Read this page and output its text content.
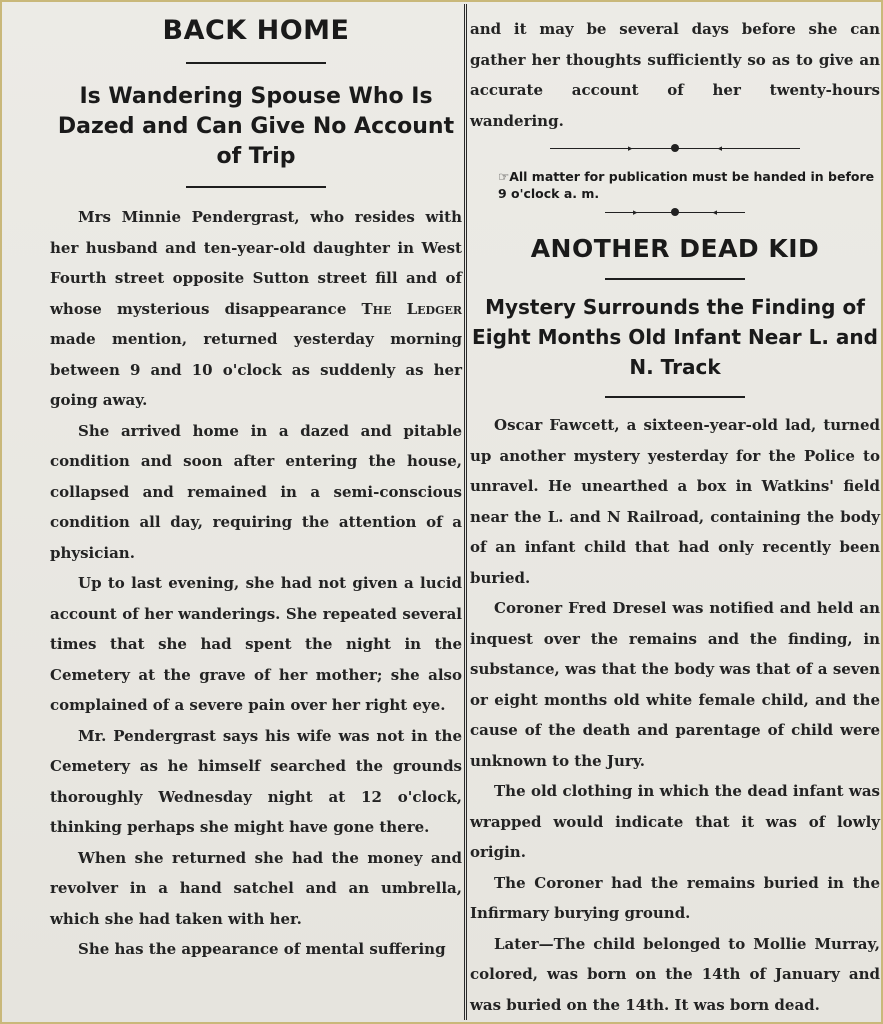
BACK HOME
Is Wandering Spouse Who Is Dazed and Can Give No Account of Trip

Mrs Minnie Pendergrast, who resides with her husband and ten-year-old daughter in West Fourth street opposite Sutton street fill and of whose mysterious disappearance The Ledger made mention, returned yesterday morning between 9 and 10 o'clock as suddenly as her going away.

She arrived home in a dazed and pitable condition and soon after entering the house, collapsed and remained in a semi-conscious condition all day, requiring the attention of a physician.

Up to last evening, she had not given a lucid account of her wanderings. She repeated several times that she had spent the night in the Cemetery at the grave of her mother; she also complained of a severe pain over her right eye.

Mr. Pendergrast says his wife was not in the Cemetery as he himself searched the grounds thoroughly Wednesday night at 12 o'clock, thinking perhaps she might have gone there.

When she returned she had the money and revolver in a hand satchel and an umbrella, which she had taken with her.

She has the appearance of mental suffering

and it may be several days before she can gather her thoughts sufficiently so as to give an accurate account of her twenty-hours wandering.

▸	◂

☞All matter for publication must be handed in before 9 o'clock a. m.

▸	◂
ANOTHER DEAD KID
Mystery Surrounds the Finding of Eight Months Old Infant Near L. and N. Track

Oscar Fawcett, a sixteen-year-old lad, turned up another mystery yesterday for the Police to unravel. He unearthed a box in Watkins' field near the L. and N Railroad, containing the body of an infant child that had only recently been buried.

Coroner Fred Dresel was notified and held an inquest over the remains and the finding, in substance, was that the body was that of a seven or eight months old white female child, and the cause of the death and parentage of child were unknown to the Jury.

The old clothing in which the dead infant was wrapped would indicate that it was of lowly origin.

The Coroner had the remains buried in the Infirmary burying ground.

Later—The child belonged to Mollie Murray, colored, was born on the 14th of January and was buried on the 14th. It was born dead.
